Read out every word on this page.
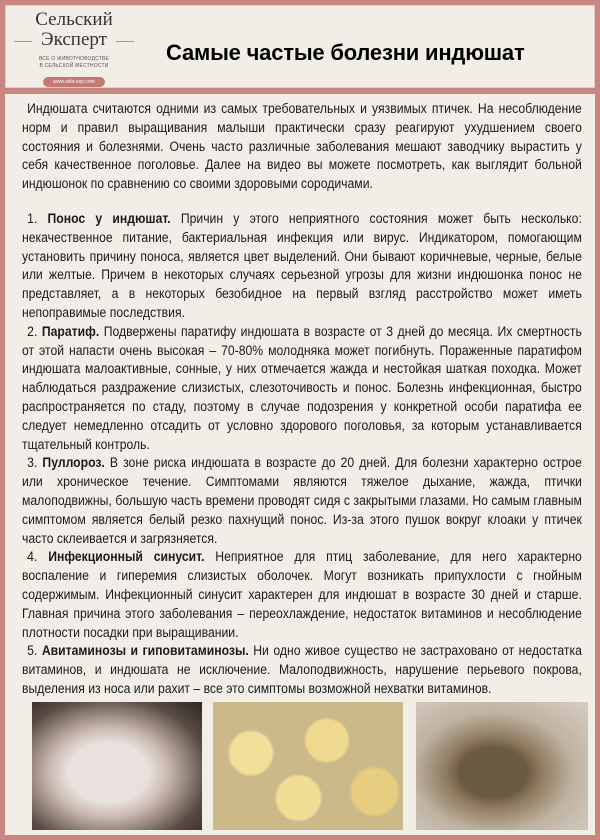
Сельский
Эксперт
ВСЕ О ЖИВОТНОВОДСТВЕ
В СЕЛЬСКОЙ МЕСТНОСТИ
www.selo-exp.com
Самые частые болезни индюшат

Индюшата считаются одними из самых требовательных и уязвимых птичек. На несоблюдение норм и правил выращивания малыши практически сразу реагируют ухудшением своего состояния и болезнями. Очень часто различные заболевания мешают заводчику вырастить у себя качественное поголовье. Далее на видео вы можете посмотреть, как выглядит больной индюшонок по сравнению со своими здоровыми сородичами.

1. Понос у индюшат. Причин у этого неприятного состояния может быть несколько: некачественное питание, бактериальная инфекция или вирус. Индикатором, помогающим установить причину поноса, является цвет выделений. Они бывают коричневые, черные, белые или желтые. Причем в некоторых случаях серьезной угрозы для жизни индюшонка понос не представляет, а в некоторых безобидное на первый взгляд расстройство может иметь непоправимые последствия.

2. Паратиф. Подвержены паратифу индюшата в возрасте от 3 дней до месяца. Их смертность от этой напасти очень высокая – 70-80% молодняка может погибнуть. Пораженные паратифом индюшата малоактивные, сонные, у них отмечается жажда и нестойкая шаткая походка. Может наблюдаться раздражение слизистых, слезоточивость и понос. Болезнь инфекционная, быстро распространяется по стаду, поэтому в случае подозрения у конкретной особи паратифа ее следует немедленно отсадить от условно здорового поголовья, за которым устанавливается тщательный контроль.

3. Пуллороз. В зоне риска индюшата в возрасте до 20 дней. Для болезни характерно острое или хроническое течение. Симптомами являются тяжелое дыхание, жажда, птички малоподвижны, большую часть времени проводят сидя с закрытыми глазами. Но самым главным симптомом является белый резко пахнущий понос. Из-за этого пушок вокруг клоаки у птичек часто склеивается и загрязняется.

4. Инфекционный синусит. Неприятное для птиц заболевание, для него характерно воспаление и гиперемия слизистых оболочек. Могут возникать припухлости с гнойным содержимым. Инфекционный синусит характерен для индюшат в возрасте 30 дней и старше. Главная причина этого заболевания – переохлаждение, недостаток витаминов и несоблюдение плотности посадки при выращивании.

5. Авитаминозы и гиповитаминозы. Ни одно живое существо не застраховано от недостатка витаминов, и индюшата не исключение. Малоподвижность, нарушение перьевого покрова, выделения из носа или рахит – все это симптомы возможной нехватки витаминов.
